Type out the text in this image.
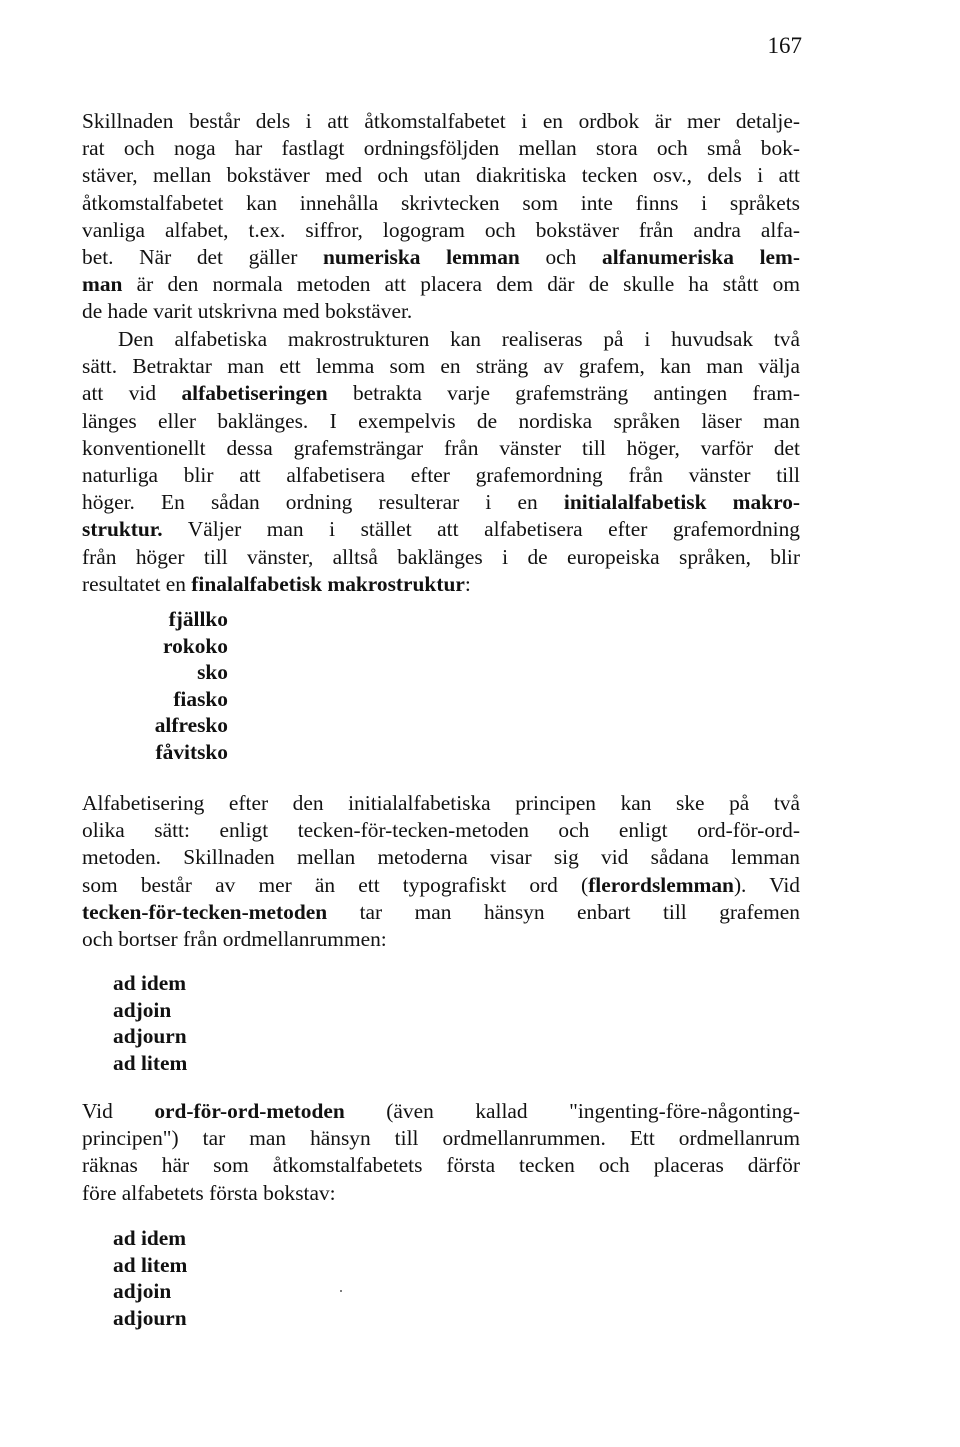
167

Skillnaden består dels i att åtkomstalfabetet i en ordbok är mer detaljе-

rat och noga har fastlagt ordningsföljden mellan stora och små bok-

stäver, mellan bokstäver med och utan diakritiska tecken osv., dels i att

åtkomstalfabetet kan innehålla skrivtecken som inte finns i språkets

vanliga alfabet, t.ex. siffror, logogram och bokstäver från andra alfa-

bet. När det gäller numeriska lemman och alfanumeriska lem-

man är den normala metoden att placera dem där de skulle ha stått om

de hade varit utskrivna med bokstäver.

Den alfabetiska makrostrukturen kan realiseras på i huvudsak två

sätt. Betraktar man ett lemma som en sträng av grafem, kan man välja

att vid alfabetiseringen betrakta varje grafemsträng antingen fram-

länges eller baklänges. I exempelvis de nordiska språken läser man

konventionellt dessa grafemsträngar från vänster till höger, varför det

naturliga blir att alfabetisera efter grafemordning från vänster till

höger. En sådan ordning resulterar i en initialalfabetisk makro-

struktur. Väljer man i stället att alfabetisera efter grafemordning

från höger till vänster, alltså baklänges i de europeiska språken, blir

resultatet en finalalfabetisk makrostruktur:

fjällko
rokoko
sko
fiasko
alfresko
fåvitsko

Alfabetisering efter den initialalfabetiska principen kan ske på två

olika sätt: enligt tecken-för-tecken-metoden och enligt ord-för-ord-

metoden. Skillnaden mellan metoderna visar sig vid sådana lemman

som består av mer än ett typografiskt ord (flerordslemman). Vid

tecken-för-tecken-metoden tar man hänsyn enbart till grafemen

och bortser från ordmellanrummen:

ad idem
adjoin
adjourn
ad litem

Vid ord-för-ord-metoden (även kallad "ingenting-före-någonting-

principen") tar man hänsyn till ordmellanrummen. Ett ordmellanrum

räknas här som åtkomstalfabetets första tecken och placeras därför

före alfabetets första bokstav:

ad idem
ad litem
adjoin
adjourn
